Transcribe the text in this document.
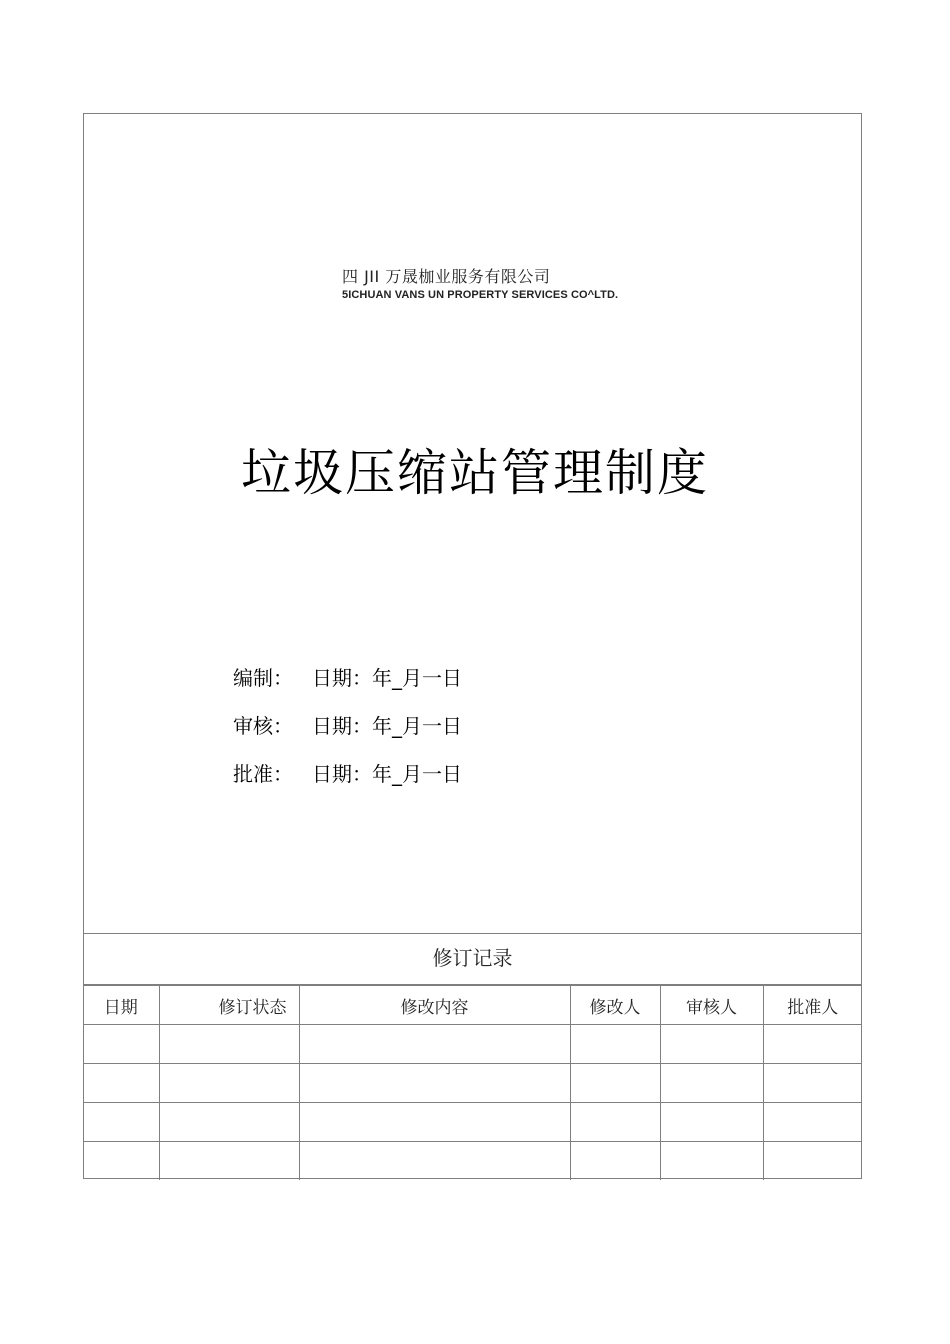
四 JII 万晟枷业服务有限公司
5ICHUAN VANS UN PROPERTY SERVICES CO^LTD.
垃圾压缩站管理制度
编制： 日期：年_月一日
审核： 日期：年_月一日
批准： 日期：年_月一日
修订记录
日期	修订状态	修改内容	修改人	审核人	批准人
